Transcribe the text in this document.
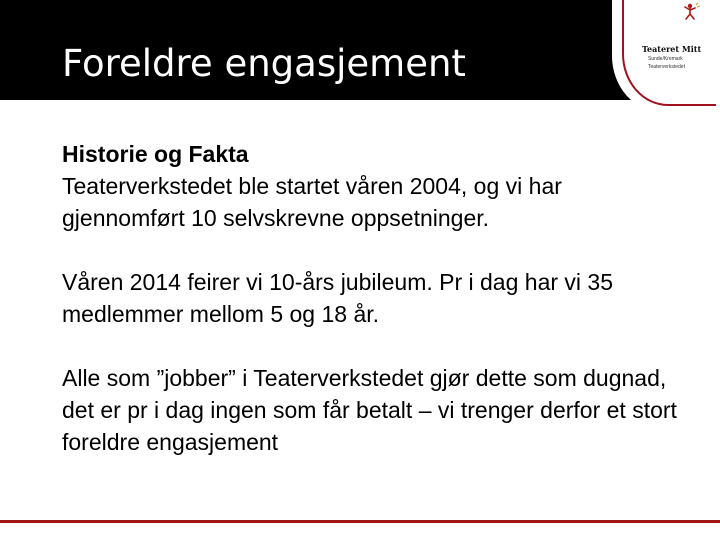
Foreldre engasjement	Teateret Mitt

Sunde/Kremark

Teaterverkstedet

Historie og Fakta

Teaterverkstedet ble startet våren 2004, og vi har gjennomført 10 selvskrevne oppsetninger.

Våren 2014 feirer vi 10-års jubileum. Pr i dag har vi 35 medlemmer mellom 5 og 18 år.

Alle som ”jobber” i Teaterverkstedet gjør dette som dugnad, det er pr i dag ingen som får betalt – vi trenger derfor et stort foreldre engasjement
